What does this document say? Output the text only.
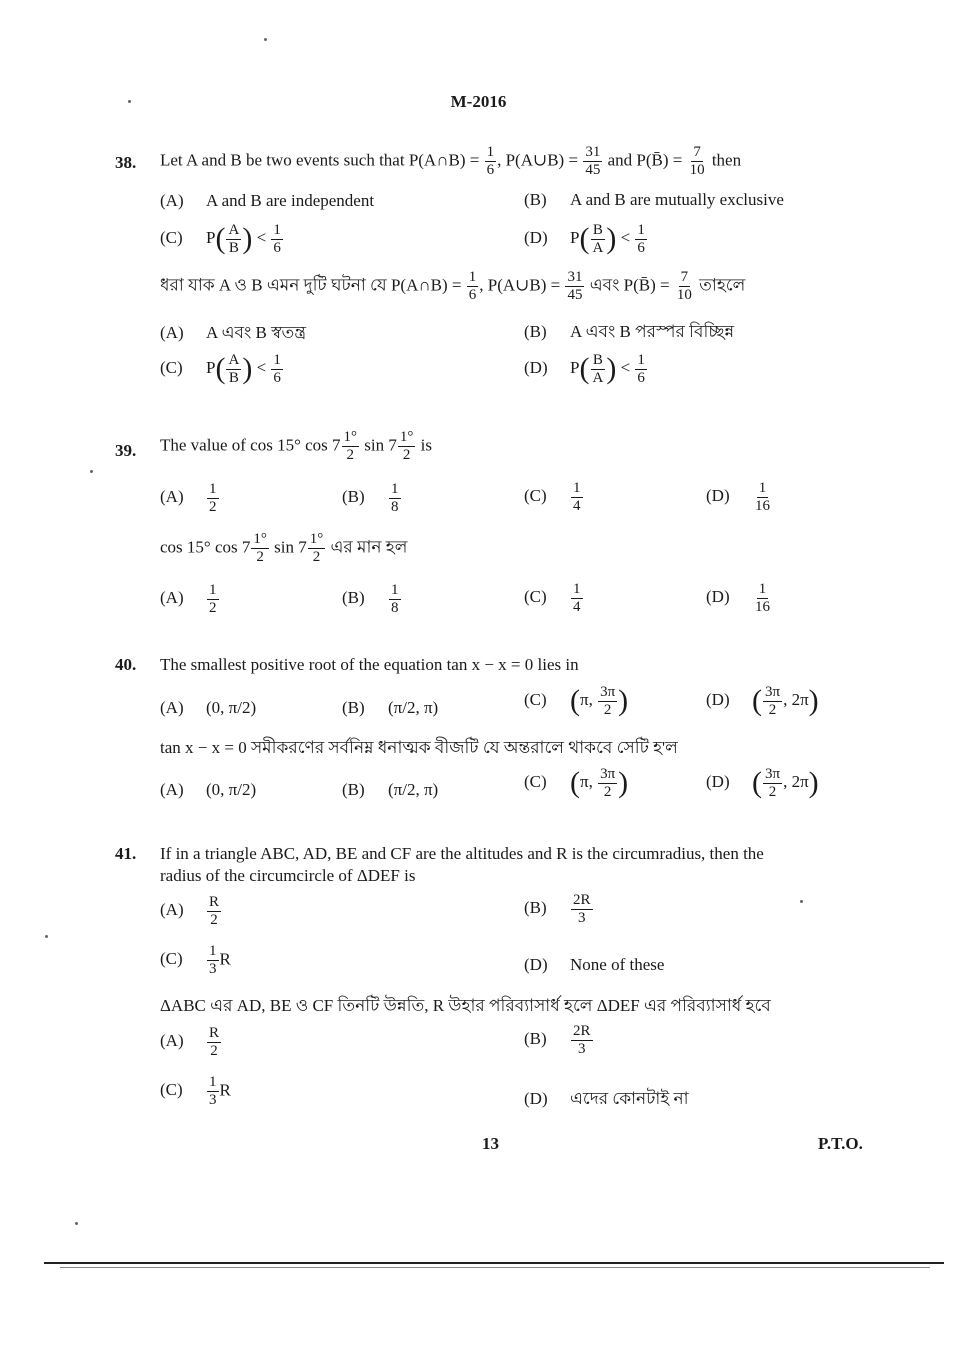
M-2016
38. Let A and B be two events such that P(A∩B) = $\frac{1}{6}$ , P(A∪B) = $\frac{31}{45}$ and P(B̄) = $\frac{7}{10}$ then
(A) A and B are independent	(B) A and B are mutually exclusive
(C) $P( \frac{A}{B}$ ) < $\frac{1}{6}$	(D) $P( \frac{B}{A}$ ) < $\frac{1}{6}$
ধরা যাক A ও B এমন দুটি ঘটনা যে P(A∩B) = $\frac{1}{6}$ , P(A∪B) = $\frac{31}{45}$ এবং P(B̄) = $\frac{7}{10}$ তাহলে
(A) A এবং B স্বতন্ত্র	(B) A এবং B পরস্পর বিচ্ছিন্ন
(C) $P( \frac{A}{B}$ ) < $\frac{1}{6}$	(D) $P( \frac{B}{A}$ ) < $\frac{1}{6}$
39. The value of cos 15° $\cos 7 \frac{1^\circ}{2}$ $\sin 7 \frac{1^\circ}{2}$ is
$(A) \frac{1}{2}$	$(B) \frac{1}{8}$	$(C) \frac{1}{4}$	$(D) \frac{1}{16}$
cos 15° $\cos 7 \frac{1^\circ}{2}$ $\sin 7 \frac{1^\circ}{2}$ এর মান হল
$(A) \frac{1}{2}$	$(B) \frac{1}{8}$	$(C) \frac{1}{4}$	$(D) \frac{1}{16}$
40. The smallest positive root of the equation tan x − x = 0 lies in
(A) (0, π/2)	(B) (π/2, π)	(C) (π, $\frac{3\pi}{2}$ )	(D) ( $\frac{3\pi}{2}$ , 2π)
tan x − x = 0 সমীকরণের সর্বনিম্ন ধনাত্মক বীজটি যে অন্তরালে থাকবে সেটি হ'ল
(A) (0, π/2)	(B) (π/2, π)	(C) (π, $\frac{3\pi}{2}$ )	(D) ( $\frac{3\pi}{2}$ , 2π)
41. If in a triangle ABC, AD, BE and CF are the altitudes and R is the circumradius, then the
radius of the circumcircle of ΔDEF is
$(A) \frac{R}{2}$	$(B) \frac{2R}{3}$
$(C) \frac{1}{3}$ R	(D) None of these
ΔABC এর AD, BE ও CF তিনটি উন্নতি, R উহার পরিব্যাসার্ধ হলে ΔDEF এর পরিব্যাসার্ধ হবে
$(A) \frac{R}{2}$	$(B) \frac{2R}{3}$
$(C) \frac{1}{3}$ R	(D) এদের কোনটাই না
13	P.T.O.
